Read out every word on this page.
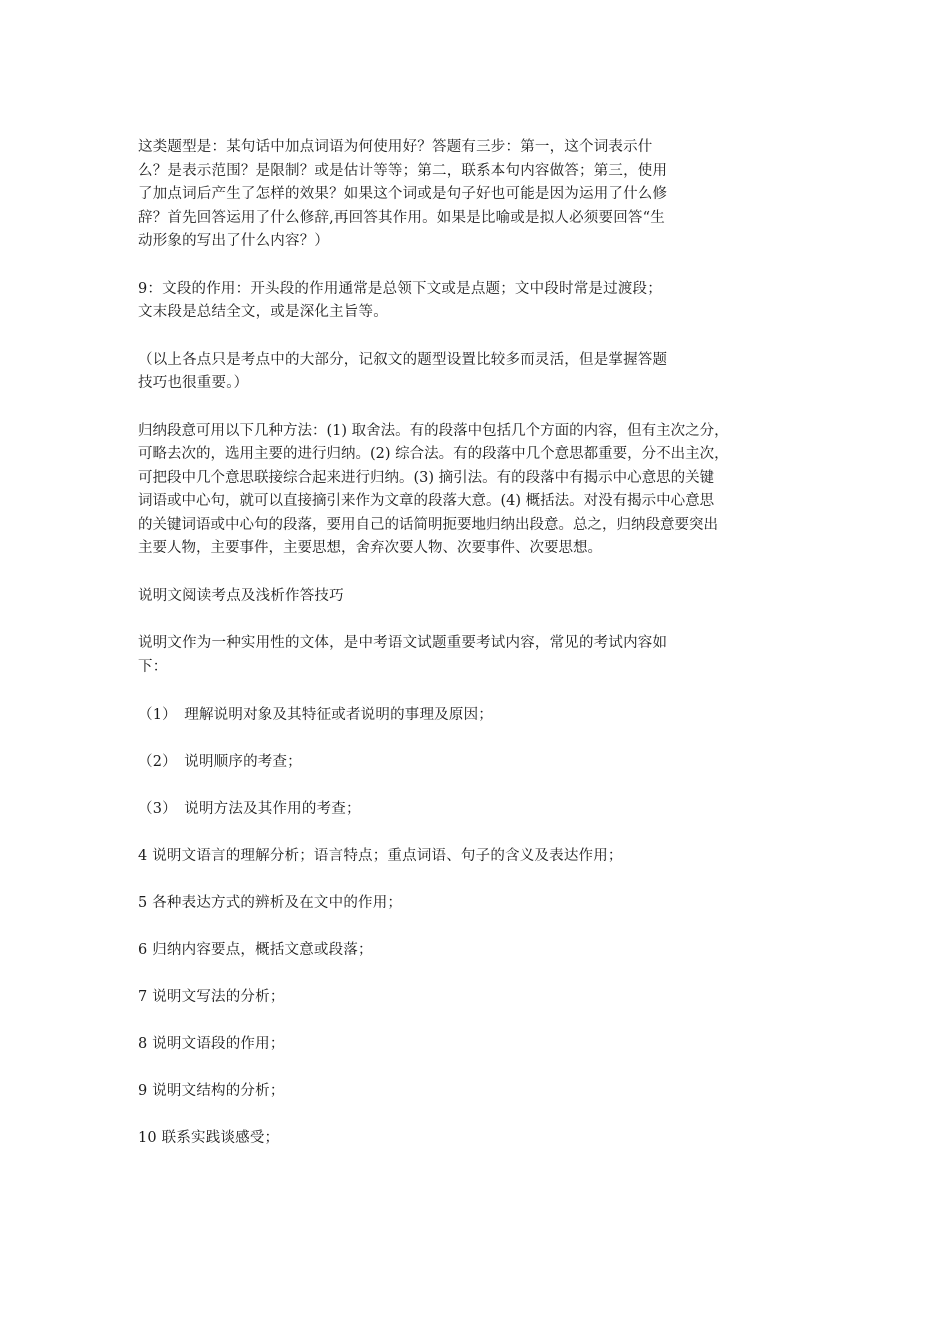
这类题型是：某句话中加点词语为何使用好？答题有三步：第一，这个词表示什
么？是表示范围？是限制？或是估计等等；第二，联系本句内容做答；第三，使用
了加点词后产生了怎样的效果？如果这个词或是句子好也可能是因为运用了什么修
辞？首先回答运用了什么修辞,再回答其作用。如果是比喻或是拟人必须要回答“生
动形象的写出了什么内容？）
9：文段的作用：开头段的作用通常是总领下文或是点题；文中段时常是过渡段；
文末段是总结全文，或是深化主旨等。
（以上各点只是考点中的大部分，记叙文的题型设置比较多而灵活，但是掌握答题
技巧也很重要。）
归纳段意可用以下几种方法：(1) 取舍法。有的段落中包括几个方面的内容，但有主次之分，
可略去次的，选用主要的进行归纳。(2) 综合法。有的段落中几个意思都重要，分不出主次，
可把段中几个意思联接综合起来进行归纳。(3) 摘引法。有的段落中有揭示中心意思的关键
词语或中心句，就可以直接摘引来作为文章的段落大意。(4) 概括法。对没有揭示中心意思
的关键词语或中心句的段落，要用自己的话简明扼要地归纳出段意。总之，归纳段意要突出
主要人物，主要事件，主要思想，舍弃次要人物、次要事件、次要思想。
说明文阅读考点及浅析作答技巧
说明文作为一种实用性的文体，是中考语文试题重要考试内容，常见的考试内容如
下：
（1）　理解说明对象及其特征或者说明的事理及原因；
（2）　说明顺序的考查；
（3）　说明方法及其作用的考查；
4 说明文语言的理解分析；语言特点；重点词语、句子的含义及表达作用；
5 各种表达方式的辨析及在文中的作用；
6 归纳内容要点，概括文意或段落；
7 说明文写法的分析；
8 说明文语段的作用；
9 说明文结构的分析；
10 联系实践谈感受；
